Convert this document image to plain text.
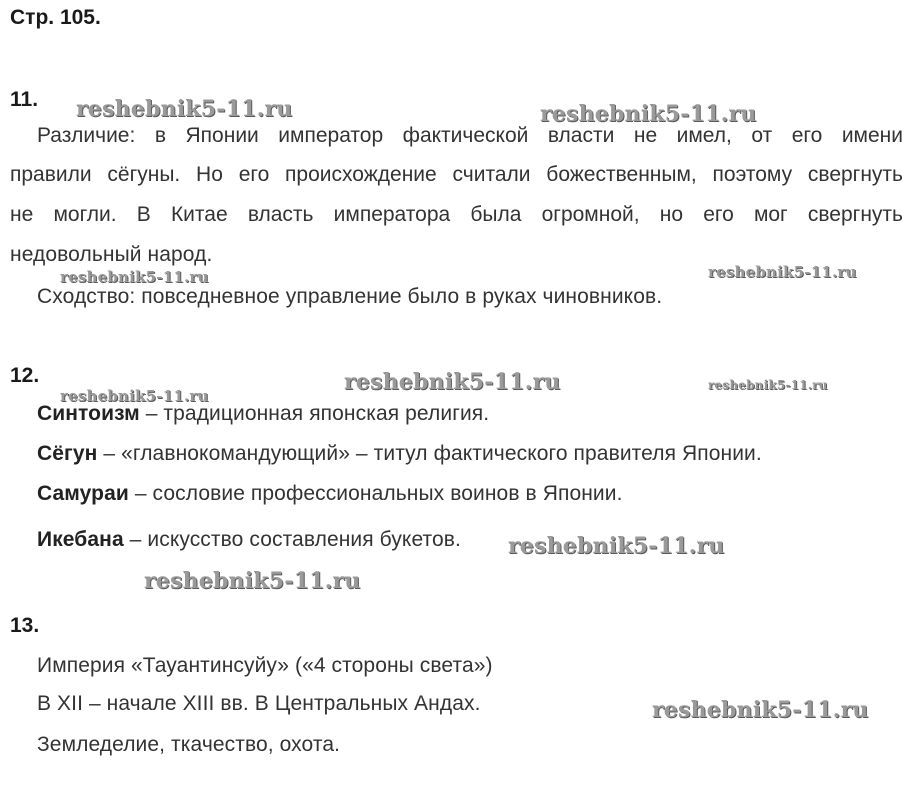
Стр. 105.
11.
Различие: в Японии император фактической власти не имел, от его имени
правили сёгуны. Но его происхождение считали божественным, поэтому свергнуть
не могли. В Китае власть императора была огромной, но его мог свергнуть
недовольный народ.
Сходство: повседневное управление было в руках чиновников.
12.
Синтоизм – традиционная японская религия.
Сёгун – «главнокомандующий» – титул фактического правителя Японии.
Самураи – сословие профессиональных воинов в Японии.
Икебана – искусство составления букетов.
13.
Империя «Тауантинсуйу» («4 стороны света»)
В XII – начале XIII вв. В Центральных Андах.
Земледелие, ткачество, охота.
reshebnik5-11.ru	reshebnik5-11.ru
reshebnik5-11.ru	reshebnik5-11.ru
reshebnik5-11.ru
reshebnik5-11.ru
reshebnik5-11.ru
reshebnik5-11.ru
reshebnik5-11.ru
reshebnik5-11.ru
